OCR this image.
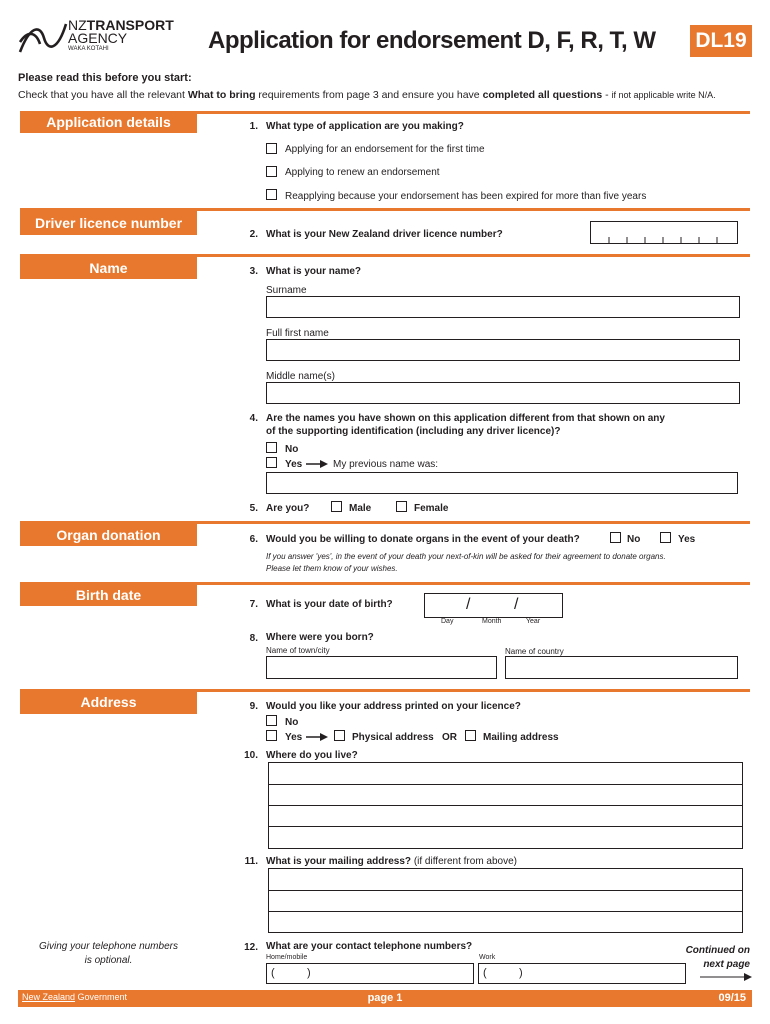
NZTRANSPORT
AGENCY
WAKA KOTAHI	Application for endorsement D, F, R, T, W DL19
Please read this before you start:
Check that you have all the relevant What to bring requirements from page 3 and ensure you have completed all questions - if not applicable write N/A.
Application details	1. What type of application are you making?
Applying for an endorsement for the first time
Applying to renew an endorsement
Reapplying because your endorsement has been expired for more than five years
Driver licence number
2. What is your New Zealand driver licence number?
Name	3. What is your name?
Surname
Full first name
Middle name(s)
4. Are the names you have shown on this application different from that shown on any
of the supporting identification (including any driver licence)?
No
Yes	My previous name was:
5. Are you?	Male	Female
Organ donation	6. Would you be willing to donate organs in the event of your death?	No	Yes
If you answer 'yes', in the event of your death your next-of-kin will be asked for their agreement to donate organs.
Please let them know of your wishes.
Birth date
7. What is your date of birth?	/	/
Day	Month	Year
8. Where were you born?
Name of town/city	Name of country
Address	9. Would you like your address printed on your licence?
No
Yes	Physical address OR	Mailing address
10. Where do you live?
11. What is your mailing address? (if different from above)
Giving your telephone numbers
is optional.
12. What are your contact telephone numbers?
Home/mobile
(	)
Work
(	)
Continued on
next page
New Zealand Government	page 1	09/15
